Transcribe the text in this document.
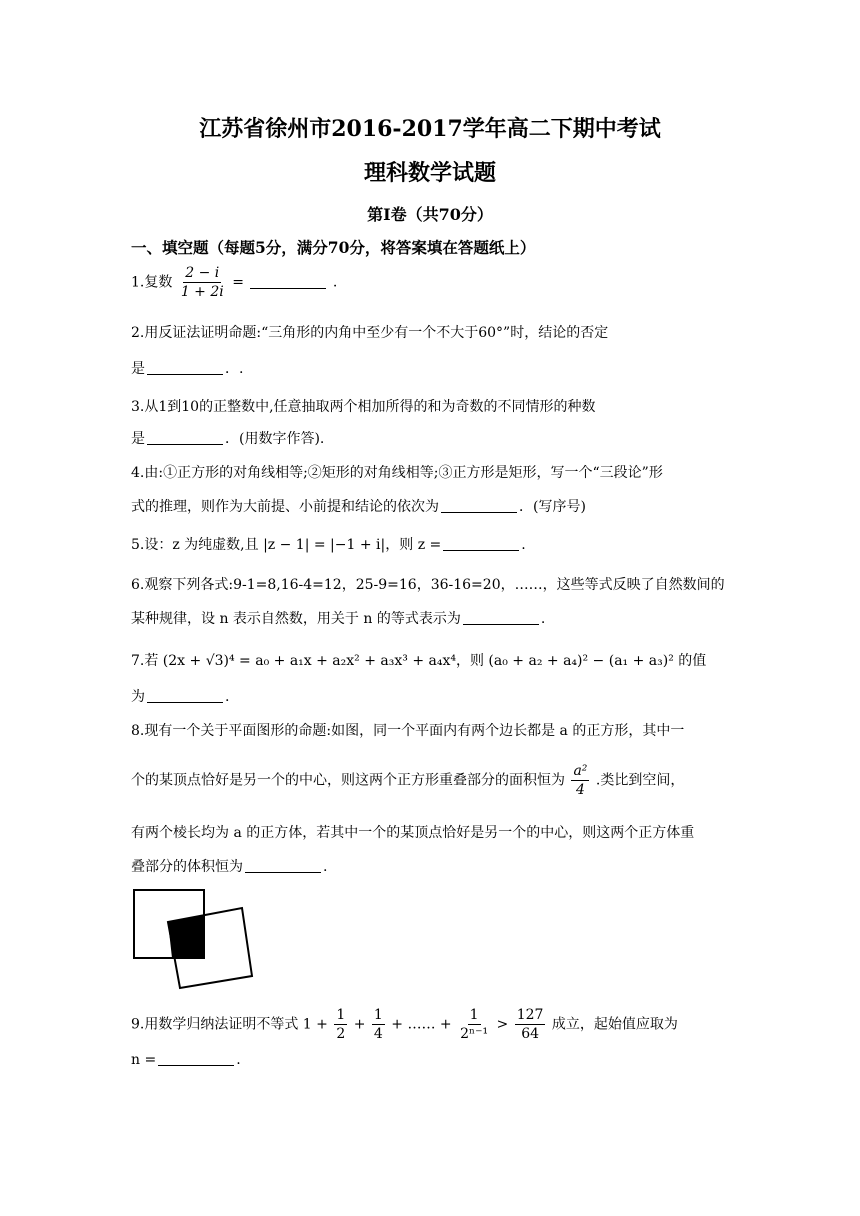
江苏省徐州市2016-2017学年高二下期中考试
理科数学试题
第Ⅰ卷（共70分）
一、填空题（每题5分，满分70分，将答案填在答题纸上）
1.复数 $\frac{2 - i}{1 + 2i}$ =	.
2.用反证法证明命题:“三角形的内角中至少有一个不大于60°”时，结论的否定
是	．.
3.从1到10的正整数中,任意抽取两个相加所得的和为奇数的不同情形的种数
是	．(用数字作答).
4.由:①正方形的对角线相等;②矩形的对角线相等;③正方形是矩形，写一个“三段论”形
式的推理，则作为大前提、小前提和结论的依次为	．(写序号)
5.设：z 为纯虚数,且 |z − 1| = |−1 + i|，则 z =	.
6.观察下列各式:9-1=8,16-4=12，25-9=16，36-16=20，……，这些等式反映了自然数间的
某种规律，设 n 表示自然数，用关于 n 的等式表示为	.
7.若 (2x + √3)⁴ = a₀ + a₁x + a₂x² + a₃x³ + a₄x⁴，则 (a₀ + a₂ + a₄)² − (a₁ + a₃)² 的值
为	.
8.现有一个关于平面图形的命题:如图，同一个平面内有两个边长都是 a 的正方形，其中一
个的某顶点恰好是另一个的中心，则这两个正方形重叠部分的面积恒为 $\frac{\text{a²}}{4}$ .类比到空间，
有两个棱长均为 a 的正方体，若其中一个的某顶点恰好是另一个的中心，则这两个正方体重
叠部分的体积恒为	.
9.用数学归纳法证明不等式 $1 + \frac{1}{2} + \frac{1}{4}$ + …… + $\frac{1}{\text{2ⁿ⁻¹}} > \frac{127}{64}$ 成立，起始值应取为
n =	.
